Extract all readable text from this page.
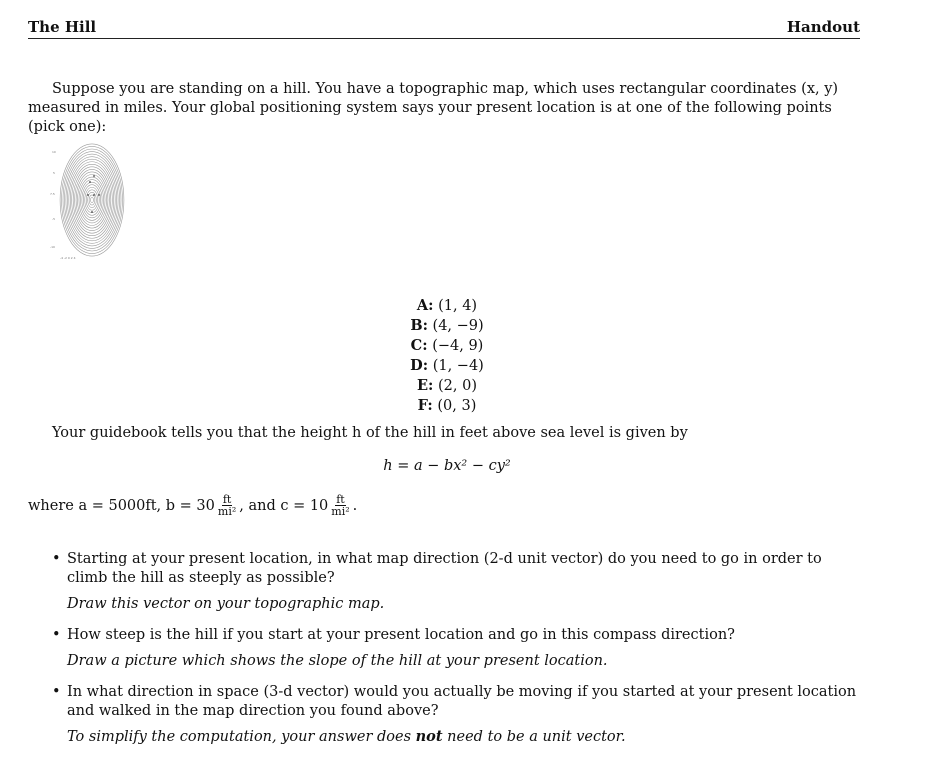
The Hill	Handout

Suppose you are standing on a hill. You have a topographic map, which uses rectangular coordinates (x, y) measured in miles. Your global positioning system says your present location is at one of the following points (pick one):

10
5
7.5
-5
-10
-4 -2 0 2 4
A: (1, 4)
B: (4, −9)
C: (−4, 9)
D: (1, −4)
E: (2, 0)
F: (0, 3)

Your guidebook tells you that the height h of the hill in feet above sea level is given by

h = a − bx² − cy²
where a = 5000ft, $b = 30 \frac{ft}{\text{mi²}}$ , and $c = 10 \frac{ft}{\text{mi²}}$ .
• Starting at your present location, in what map direction (2-d unit vector) do you need to go in order to climb the hill as steeply as possible?
Draw this vector on your topographic map.
• How steep is the hill if you start at your present location and go in this compass direction?
Draw a picture which shows the slope of the hill at your present location.
• In what direction in space (3-d vector) would you actually be moving if you started at your present location and walked in the map direction you found above?
To simplify the computation, your answer does not need to be a unit vector.
